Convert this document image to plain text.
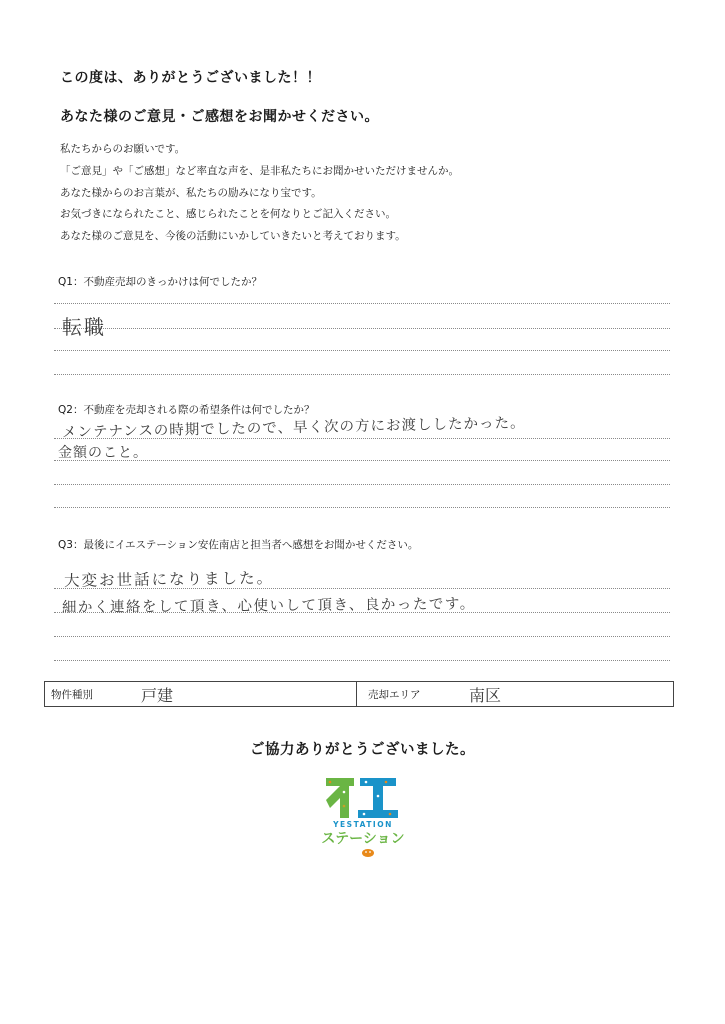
この度は、ありがとうございました！！
あなた様のご意見・ご感想をお聞かせください。
私たちからのお願いです。
「ご意見」や「ご感想」など率直な声を、是非私たちにお聞かせいただけませんか。
あなた様からのお言葉が、私たちの励みになり宝です。
お気づきになられたこと、感じられたことを何なりとご記入ください。
あなた様のご意見を、今後の活動にいかしていきたいと考えております。
Q1：不動産売却のきっかけは何でしたか？
転職
Q2：不動産を売却される際の希望条件は何でしたか？
メンテナンスの時期でしたので、早く次の方にお渡ししたかった。
金額のこと。
Q3：最後にイエステーション安佐南店と担当者へ感想をお聞かせください。
大変お世話になりました。
細かく連絡をして頂き、心使いして頂き、良かったです。
物件種別	戸建	売却エリア	南区
ご協力ありがとうございました。
YESTATION
ステーション
